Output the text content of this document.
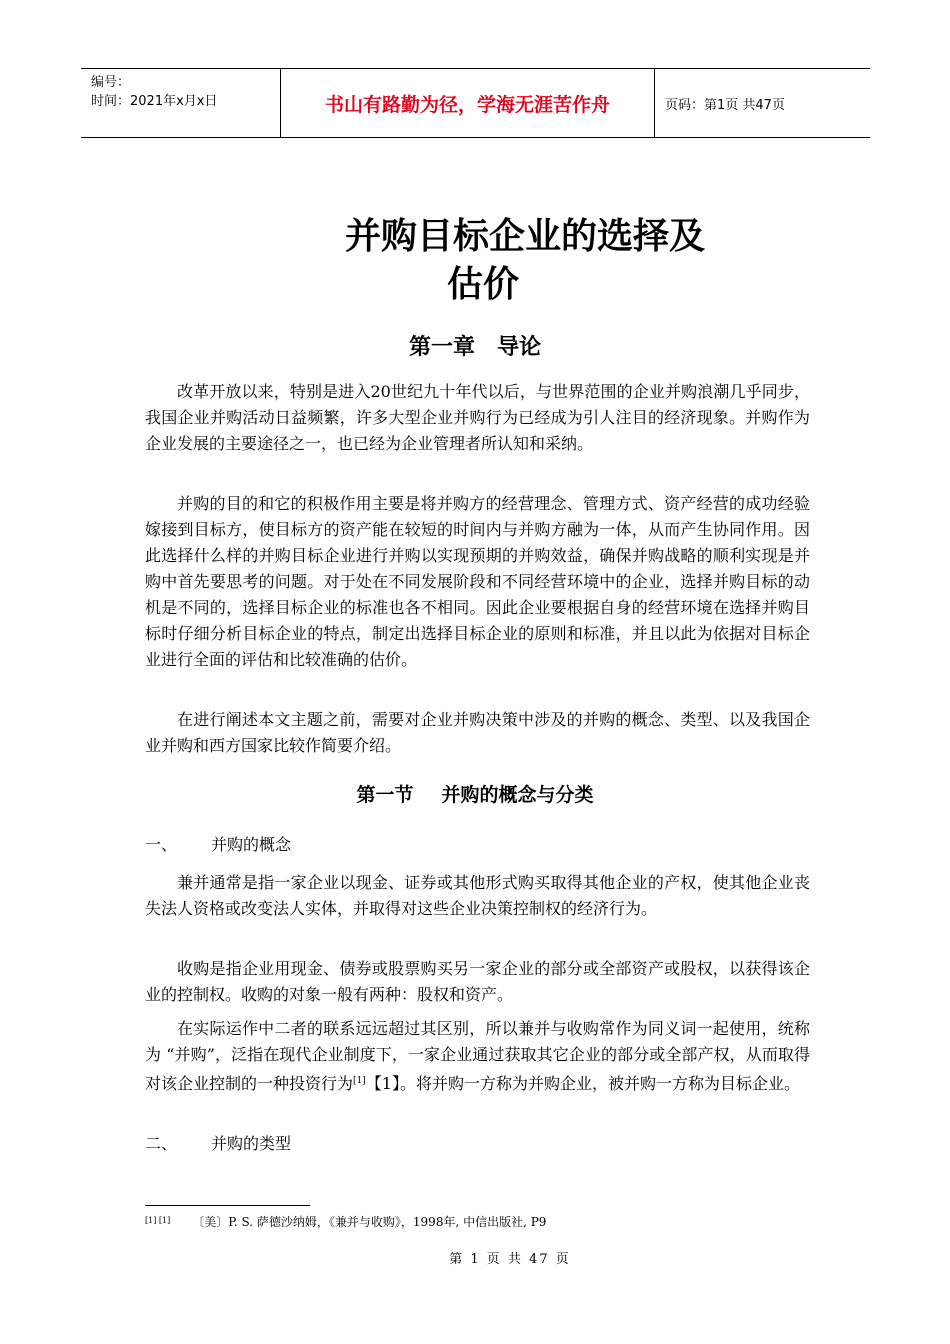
编号：
时间：2021年x月x日	书山有路勤为径，学海无涯苦作舟	页码：第1页 共47页
并购目标企业的选择及
估价
第一章 导论
改革开放以来，特别是进入20世纪九十年代以后，与世界范围的企业并购浪潮几乎同步，我国企业并购活动日益频繁，许多大型企业并购行为已经成为引人注目的经济现象。并购作为企业发展的主要途径之一，也已经为企业管理者所认知和采纳。
并购的目的和它的积极作用主要是将并购方的经营理念、管理方式、资产经营的成功经验嫁接到目标方，使目标方的资产能在较短的时间内与并购方融为一体，从而产生协同作用。因此选择什么样的并购目标企业进行并购以实现预期的并购效益，确保并购战略的顺利实现是并购中首先要思考的问题。对于处在不同发展阶段和不同经营环境中的企业，选择并购目标的动机是不同的，选择目标企业的标准也各不相同。因此企业要根据自身的经营环境在选择并购目标时仔细分析目标企业的特点，制定出选择目标企业的原则和标准，并且以此为依据对目标企业进行全面的评估和比较准确的估价。
在进行阐述本文主题之前，需要对企业并购决策中涉及的并购的概念、类型、以及我国企业并购和西方国家比较作简要介绍。
第一节 并购的概念与分类
一、 并购的概念
兼并通常是指一家企业以现金、证券或其他形式购买取得其他企业的产权，使其他企业丧失法人资格或改变法人实体，并取得对这些企业决策控制权的经济行为。
收购是指企业用现金、债券或股票购买另一家企业的部分或全部资产或股权，以获得该企业的控制权。收购的对象一般有两种：股权和资产。
在实际运作中二者的联系远远超过其区别，所以兼并与收购常作为同义词一起使用，统称为 “并购”，泛指在现代企业制度下，一家企业通过获取其它企业的部分或全部产权，从而取得对该企业控制的一种投资行为[1]【1】。将并购一方称为并购企业，被并购一方称为目标企业。
二、 并购的类型
[1] [1] 〔美〕P. S. 萨德沙纳姆，《兼并与收购》，1998年, 中信出版社, P9
第 1 页 共 47 页
